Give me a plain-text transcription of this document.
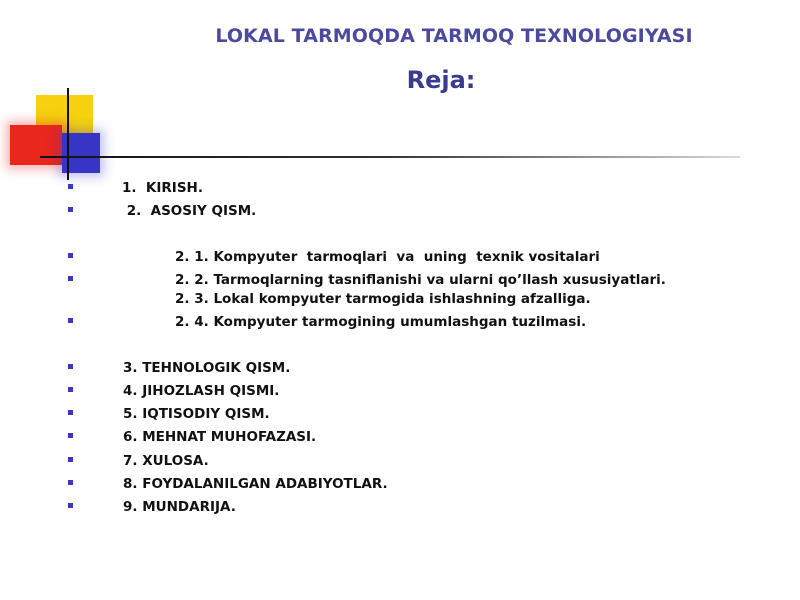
LOKAL TARMOQDA TARMOQ TEXNOLOGIYASI
Reja:
1.  KIRISH.
2.  ASOSIY QISM.
2. 1. Kompyuter  tarmoqlari  va  uning  texnik vositalari
2. 2. Tarmoqlarning tasniflanishi va ularni qo’llash xususiyatlari.
2. 3. Lokal kompyuter tarmogida ishlashning afzalliga.
2. 4. Kompyuter tarmogining umumlashgan tuzilmasi.
3. TEHNOLOGIK QISM.
4. JIHOZLASH QISMI.
5. IQTISODIY QISM.
6. MEHNAT MUHOFAZASI.
7. XULOSA.
8. FOYDALANILGAN ADABIYOTLAR.
9. MUNDARIJA.
